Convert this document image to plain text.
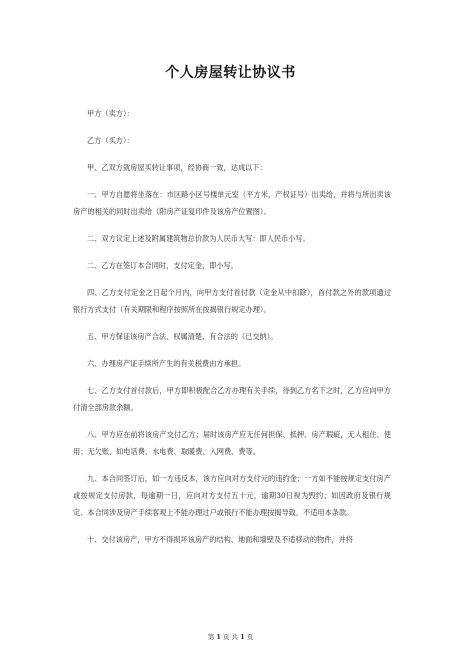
个人房屋转让协议书

甲方（卖方）：

乙方（买方）：

甲、乙双方就房屋买转让事项，经协商一致，达成以下：

一、甲方自愿将坐落在：市区路小区号楼单元室（平方米，产权证号）出卖给，并将与所出卖该房产的相关的同时出卖给（附房产证复印件及该房产位置图）。

二、双方议定上述及附属建筑物总价款为人民币大写：即人民币小写。

二、乙方在签订本合同时，支付定金，即小写。

四、乙方支付定金之日起个月内，向甲方支付首付款（定金从中扣除），首付款之外的款项通过银行方式支付（有关期限和程序按照所在按揭银行规定办理）。

五、甲方保证该房产合法、权属清楚、有合法的（已交纳）。

六、办理房产证手续所产生的有关税费由方承担。

七、乙方支付首付款后，甲方即积极配合乙方办理有关手续，待到乙方名下之时，乙方应向甲方付清全部房款余额。

八、甲方应在前将该房产交付乙方；届时该房产应无任何担保、抵押、房产瑕疵，无人租住、使用；无欠账，如电话费、水电费、取暖费、入网费、费等。

九、本合同签订后，如一方违反本，该方应向对方支付元的违约金；一方如不能按规定支付房产或按规定支付房款，每逾期一日，应向对方支付五十元，逾期30日视为毁约；如因政府及银行规定、本合同涉及房产手续客观上不能办理过户或银行不能办理按揭导致，不适用本条款。

十、交付该房产，甲方不得损坏该房产的结构、地面和墙壁及不适移动的物件，并将

第 1 页 共 1 页
